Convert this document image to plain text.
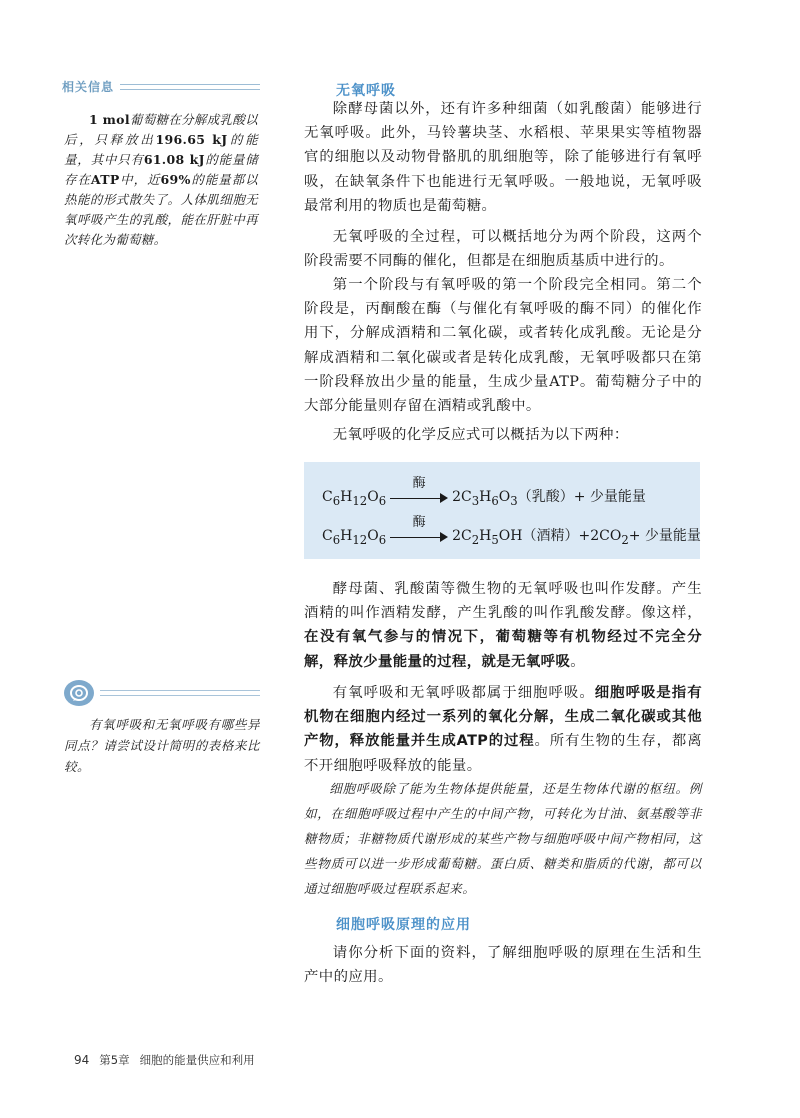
相关信息
1 mol葡萄糖在分解成乳酸以后，只释放出196.65 kJ的能量，其中只有61.08 kJ的能量储存在ATP中，近69%的能量都以热能的形式散失了。人体肌细胞无氧呼吸产生的乳酸，能在肝脏中再次转化为葡萄糖。
有氧呼吸和无氧呼吸有哪些异同点？请尝试设计简明的表格来比较。
无氧呼吸
除酵母菌以外，还有许多种细菌（如乳酸菌）能够进行无氧呼吸。此外，马铃薯块茎、水稻根、苹果果实等植物器官的细胞以及动物骨骼肌的肌细胞等，除了能够进行有氧呼吸，在缺氧条件下也能进行无氧呼吸。一般地说，无氧呼吸最常利用的物质也是葡萄糖。
无氧呼吸的全过程，可以概括地分为两个阶段，这两个阶段需要不同酶的催化，但都是在细胞质基质中进行的。
第一个阶段与有氧呼吸的第一个阶段完全相同。第二个阶段是，丙酮酸在酶（与催化有氧呼吸的酶不同）的催化作用下，分解成酒精和二氧化碳，或者转化成乳酸。无论是分解成酒精和二氧化碳或者是转化成乳酸，无氧呼吸都只在第一阶段释放出少量的能量，生成少量ATP。葡萄糖分子中的大部分能量则存留在酒精或乳酸中。
无氧呼吸的化学反应式可以概括为以下两种：
$C_6H_{12}O_6$
酶
$2C_3H_6O_3$（乳酸）+ 少量能量
$C_6H_{12}O_6$
酶
$2C_2H_5OH$（酒精）$+2CO_2+$ 少量能量
酵母菌、乳酸菌等微生物的无氧呼吸也叫作发酵。产生酒精的叫作酒精发酵，产生乳酸的叫作乳酸发酵。像这样，在没有氧气参与的情况下，葡萄糖等有机物经过不完全分解，释放少量能量的过程，就是无氧呼吸。
有氧呼吸和无氧呼吸都属于细胞呼吸。细胞呼吸是指有机物在细胞内经过一系列的氧化分解，生成二氧化碳或其他产物，释放能量并生成ATP的过程。所有生物的生存，都离不开细胞呼吸释放的能量。
细胞呼吸除了能为生物体提供能量，还是生物体代谢的枢纽。例如，在细胞呼吸过程中产生的中间产物，可转化为甘油、氨基酸等非糖物质；非糖物质代谢形成的某些产物与细胞呼吸中间产物相同，这些物质可以进一步形成葡萄糖。蛋白质、糖类和脂质的代谢，都可以通过细胞呼吸过程联系起来。
细胞呼吸原理的应用
请你分析下面的资料，了解细胞呼吸的原理在生活和生产中的应用。
94 第5章 细胞的能量供应和利用
